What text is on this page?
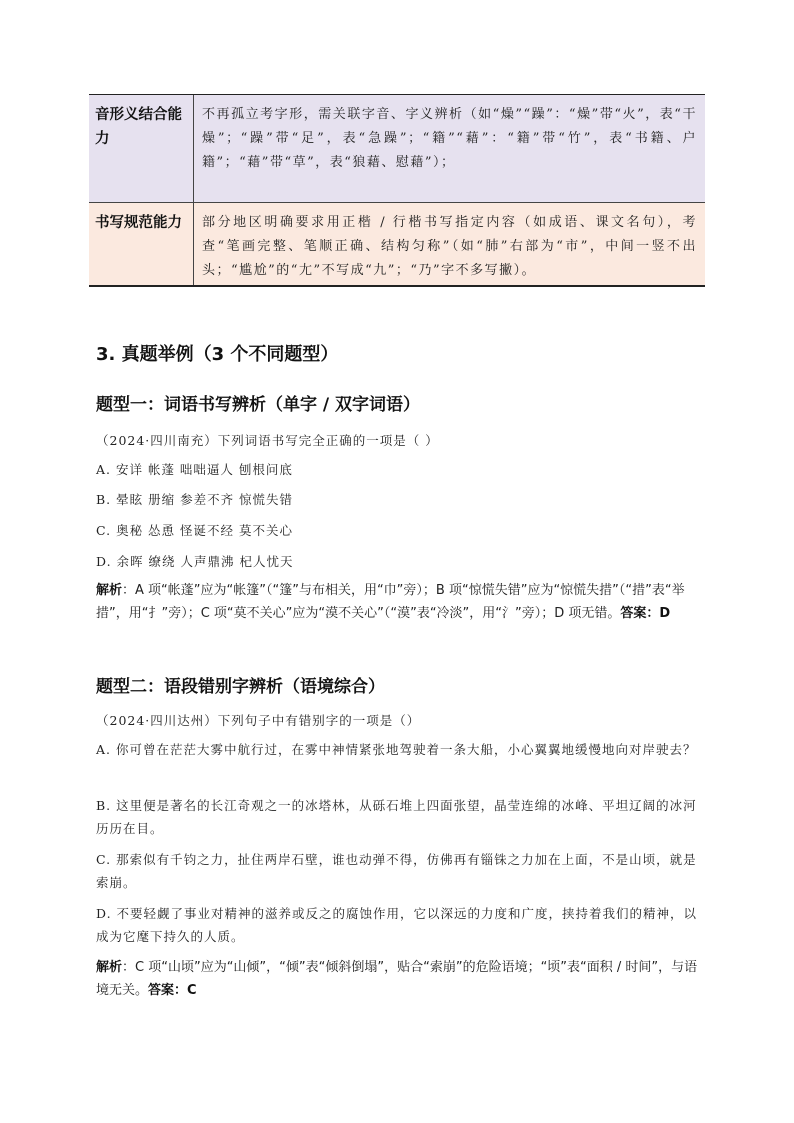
音形义结合能力
不再孤立考字形，需关联字音、字义辨析（如“燥”“躁”：“燥”带“火”，表“干燥”；“躁”带“足”，表“急躁”；“籍”“藉”：“籍”带“竹”，表“书籍、户籍”；“藉”带“草”，表“狼藉、慰藉”）；
书写规范能力	部分地区明确要求用正楷 / 行楷书写指定内容（如成语、课文名句），考查“笔画完整、笔顺正确、结构匀称”（如“肺”右部为“市”，中间一竖不出头；“尴尬”的“尢”不写成“九”；“乃”字不多写撇）。
3. 真题举例（3 个不同题型）
题型一：词语书写辨析（单字 / 双字词语）
（2024·四川南充）下列词语书写完全正确的一项是（ ）
A. 安详 帐蓬 咄咄逼人 刨根问底
B. 晕眩 册缩 参差不齐 惊慌失错
C. 奥秘 怂恿 怪诞不经 莫不关心
D. 余晖 缭绕 人声鼎沸 杞人忧天
解析：A 项“帐蓬”应为“帐篷”（“篷”与布相关，用“巾”旁）；B 项“惊慌失错”应为“惊慌失措”（“措”表“举措”，用“扌”旁）；C 项“莫不关心”应为“漠不关心”（“漠”表“冷淡”，用“氵”旁）；D 项无错。答案：D
题型二：语段错别字辨析（语境综合）
（2024·四川达州）下列句子中有错别字的一项是（）
A. 你可曾在茫茫大雾中航行过，在雾中神情紧张地驾驶着一条大船，小心翼翼地缓慢地向对岸驶去？
B. 这里便是著名的长江奇观之一的冰塔林，从砾石堆上四面张望，晶莹连绵的冰峰、平坦辽阔的冰河历历在目。
C. 那索似有千钧之力，扯住两岸石壁，谁也动弹不得，仿佛再有锱铢之力加在上面，不是山顷，就是索崩。
D. 不要轻觑了事业对精神的滋养或反之的腐蚀作用，它以深远的力度和广度，挟持着我们的精神，以成为它麾下持久的人质。
解析：C 项“山顷”应为“山倾”，“倾”表“倾斜倒塌”，贴合“索崩”的危险语境；“顷”表“面积 / 时间”，与语境无关。答案：C
